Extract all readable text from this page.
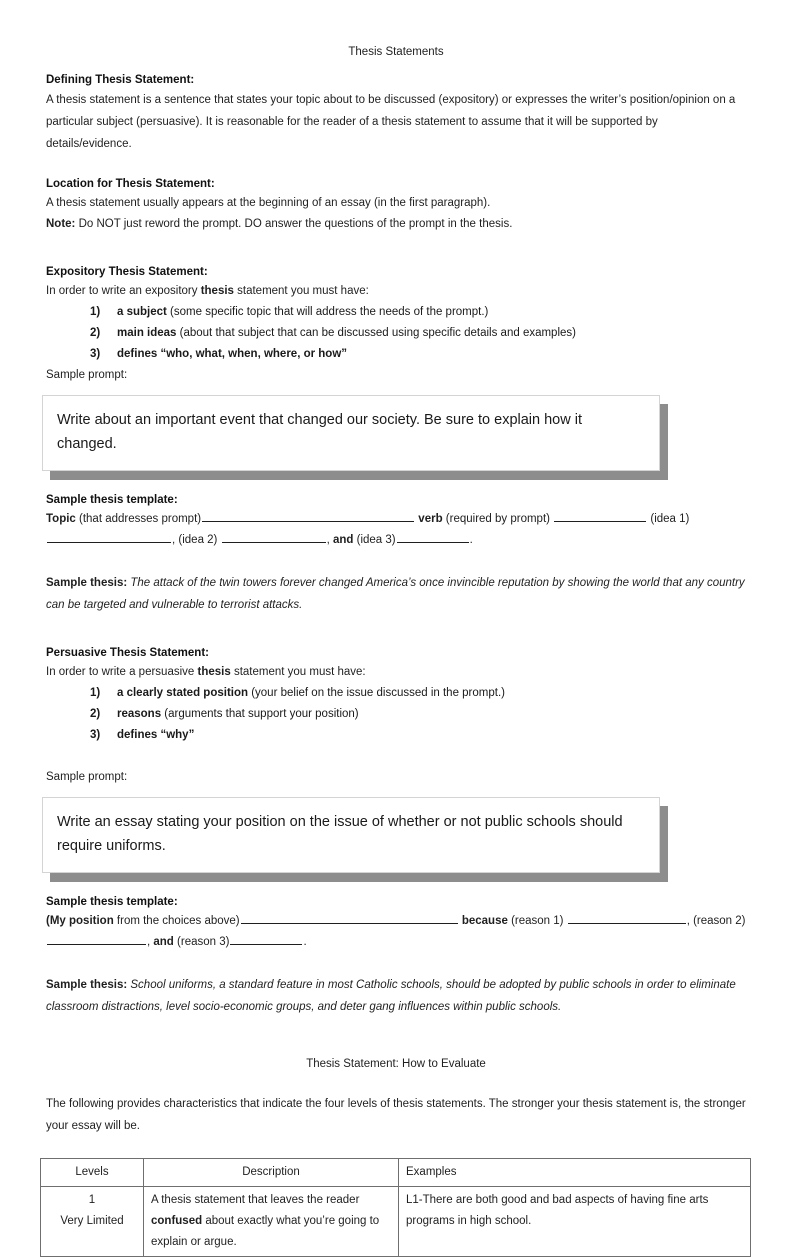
Thesis Statements
Defining Thesis Statement:

A thesis statement is a sentence that states your topic about to be discussed (expository) or expresses the writer’s position/opinion on a particular subject (persuasive). It is reasonable for the reader of a thesis statement to assume that it will be supported by details/evidence.

Location for Thesis Statement:

A thesis statement usually appears at the beginning of an essay (in the first paragraph).

Note: Do NOT just reword the prompt. DO answer the questions of the prompt in the thesis.

Expository Thesis Statement:

In order to write an expository thesis statement you must have:

1)	a subject (some specific topic that will address the needs of the prompt.)
2)	main ideas (about that subject that can be discussed using specific details and examples)
3)	defines “who, what, when, where, or how”

Sample prompt:

Write about an important event that changed our society. Be sure to explain how it changed.
Sample thesis template:

Topic (that addresses prompt)	verb (required by prompt)	(idea 1)

, (idea 2)	, and (idea 3)	.

Sample thesis: The attack of the twin towers forever changed America’s once invincible reputation by showing the world that any country can be targeted and vulnerable to terrorist attacks.

Persuasive Thesis Statement:

In order to write a persuasive thesis statement you must have:

1)	a clearly stated position (your belief on the issue discussed in the prompt.)
2)	reasons (arguments that support your position)
3)	defines “why”

Sample prompt:

Write an essay stating your position on the issue of whether or not public schools should require uniforms.
Sample thesis template:

(My position from the choices above)	because (reason 1)	, (reason 2)

, and (reason 3)	.

Sample thesis: School uniforms, a standard feature in most Catholic schools, should be adopted by public schools in order to eliminate classroom distractions, level socio-economic groups, and deter gang influences within public schools.

Thesis Statement: How to Evaluate

The following provides characteristics that indicate the four levels of thesis statements. The stronger your thesis statement is, the stronger your essay will be.

Levels	Description	Examples

1
Very Limited	A thesis statement that leaves the reader confused about exactly what you’re going to explain or argue.	L1-There are both good and bad aspects of having fine arts programs in high school.
